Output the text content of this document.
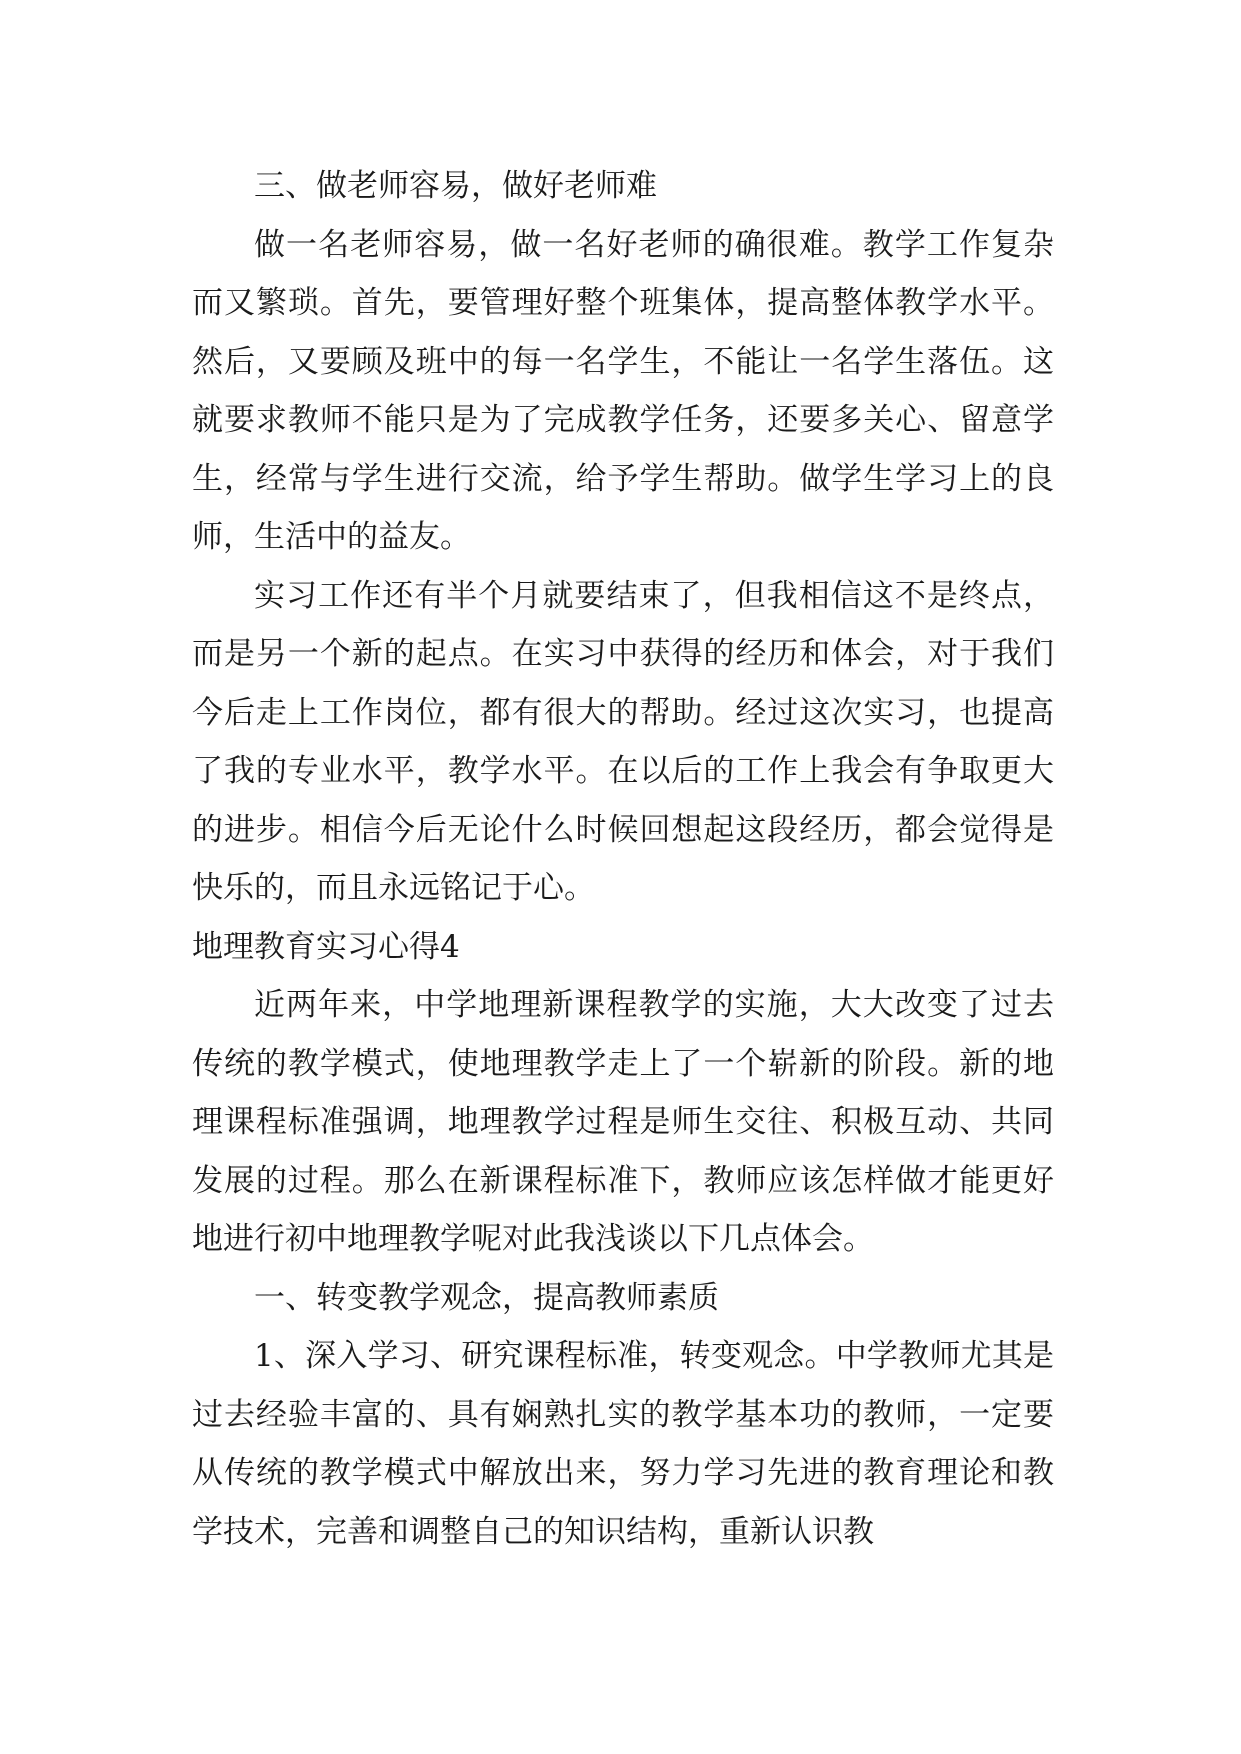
三、做老师容易，做好老师难

做一名老师容易，做一名好老师的确很难。教学工作复杂而又繁琐。首先，要管理好整个班集体，提高整体教学水平。然后，又要顾及班中的每一名学生，不能让一名学生落伍。这就要求教师不能只是为了完成教学任务，还要多关心、留意学生，经常与学生进行交流，给予学生帮助。做学生学习上的良师，生活中的益友。

实习工作还有半个月就要结束了，但我相信这不是终点，而是另一个新的起点。在实习中获得的经历和体会，对于我们今后走上工作岗位，都有很大的帮助。经过这次实习，也提高了我的专业水平，教学水平。在以后的工作上我会有争取更大的进步。相信今后无论什么时候回想起这段经历，都会觉得是快乐的，而且永远铭记于心。

地理教育实习心得4

近两年来，中学地理新课程教学的实施，大大改变了过去传统的教学模式，使地理教学走上了一个崭新的阶段。新的地理课程标准强调，地理教学过程是师生交往、积极互动、共同发展的过程。那么在新课程标准下，教师应该怎样做才能更好地进行初中地理教学呢对此我浅谈以下几点体会。

一、转变教学观念，提高教师素质

1、深入学习、研究课程标准，转变观念。中学教师尤其是过去经验丰富的、具有娴熟扎实的教学基本功的教师，一定要从传统的教学模式中解放出来，努力学习先进的教育理论和教学技术，完善和调整自己的知识结构，重新认识教
